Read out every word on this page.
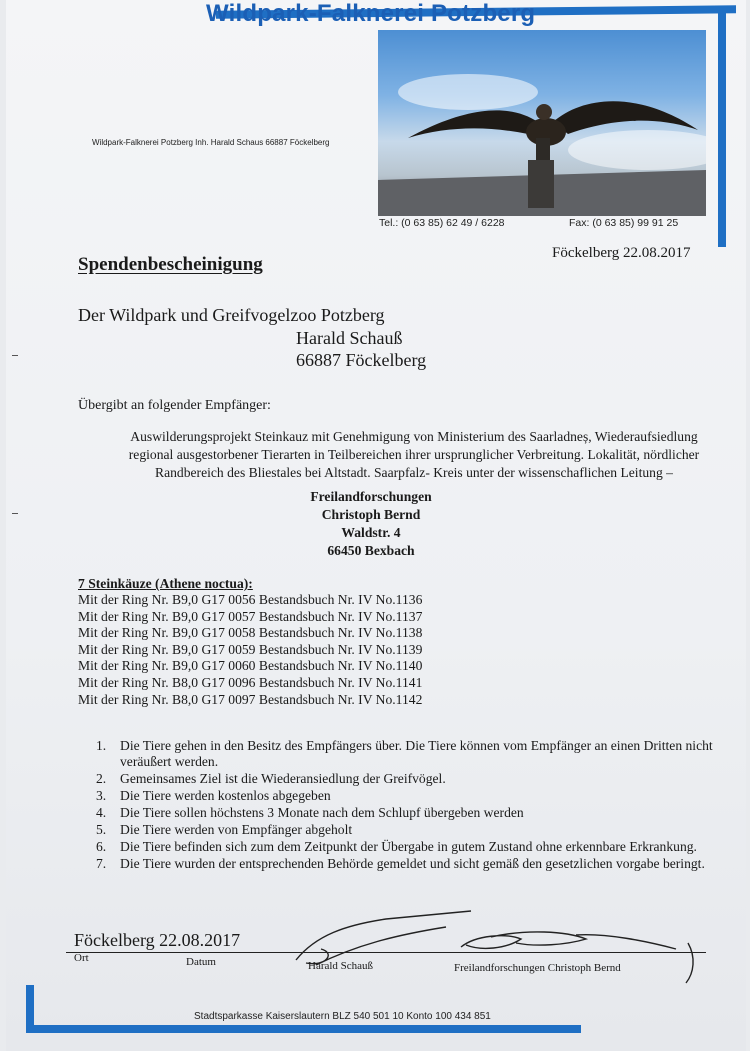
Wildpark-Falknerei Potzberg
Wildpark-Falknerei Potzberg Inh. Harald Schaus 66887 Föckelberg
Tel.: (0 63 85) 62 49 / 6228	Fax: (0 63 85) 99 91 25
Föckelberg 22.08.2017
Spendenbescheinigung
Der Wildpark und Greifvogelzoo Potzberg
Harald Schauß
66887 Föckelberg
Übergibt an folgender Empfänger:
Auswilderungsprojekt Steinkauz mit Genehmigung von Ministerium des Saarladneș, Wiederaufsiedlung
regional ausgestorbener Tierarten in Teilbereichen ihrer ursprunglicher Verbreitung. Lokalität, nördlicher
Randbereich des Bliestales bei Altstadt. Saarpfalz- Kreis unter der wissenschaflichen Leitung –
Freilandforschungen
Christoph Bernd
Waldstr. 4
66450 Bexbach
7 Steinkäuze (Athene noctua):
Mit der Ring Nr. B9,0 G17 0056 Bestandsbuch Nr. IV No.1136
Mit der Ring Nr. B9,0 G17 0057 Bestandsbuch Nr. IV No.1137
Mit der Ring Nr. B9,0 G17 0058 Bestandsbuch Nr. IV No.1138
Mit der Ring Nr. B9,0 G17 0059 Bestandsbuch Nr. IV No.1139
Mit der Ring Nr. B9,0 G17 0060 Bestandsbuch Nr. IV No.1140
Mit der Ring Nr. B8,0 G17 0096 Bestandsbuch Nr. IV No.1141
Mit der Ring Nr. B8,0 G17 0097 Bestandsbuch Nr. IV No.1142
1. Die Tiere gehen in den Besitz des Empfängers über. Die Tiere können vom Empfänger an einen Dritten nicht veräußert werden.
2. Gemeinsames Ziel ist die Wiederansiedlung der Greifvögel.
3. Die Tiere werden kostenlos abgegeben
4. Die Tiere sollen höchstens 3 Monate nach dem Schlupf übergeben werden
5. Die Tiere werden von Empfänger abgeholt
6. Die Tiere befinden sich zum dem Zeitpunkt der Übergabe in gutem Zustand ohne erkennbare Erkrankung.
7. Die Tiere wurden der entsprechenden Behörde gemeldet und sicht gemäß den gesetzlichen vorgabe beringt.
Föckelberg 22.08.2017
Ort	Datum	Harald Schauß	Freilandforschungen Christoph Bernd
Stadtsparkasse Kaiserslautern BLZ 540 501 10 Konto 100 434 851
